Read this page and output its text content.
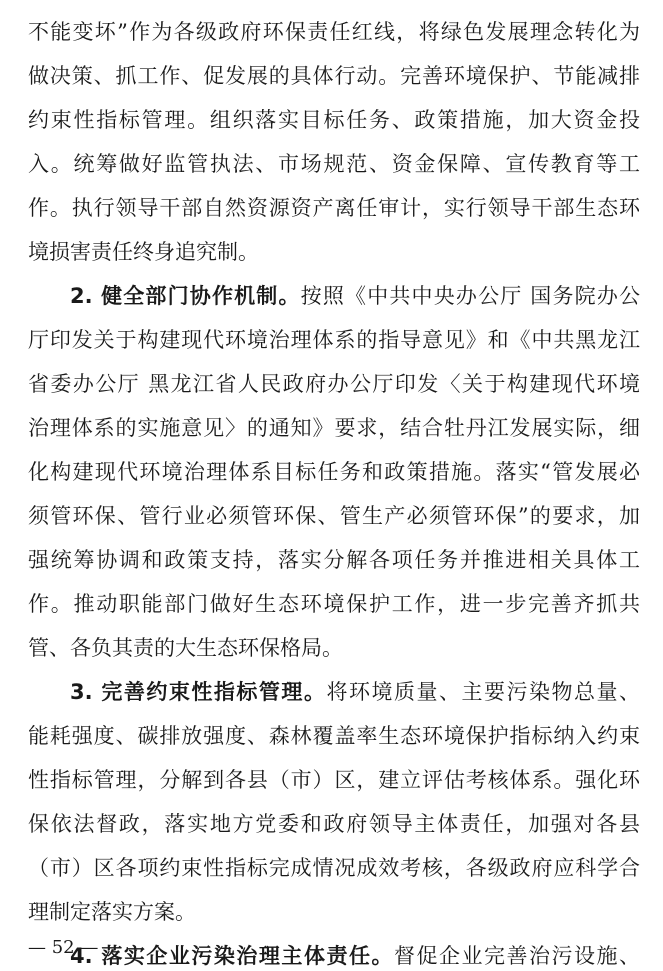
不能变坏”作为各级政府环保责任红线，将绿色发展理念转化为
做决策、抓工作、促发展的具体行动。完善环境保护、节能减排
约束性指标管理。组织落实目标任务、政策措施，加大资金投
入。统筹做好监管执法、市场规范、资金保障、宣传教育等工
作。执行领导干部自然资源资产离任审计，实行领导干部生态环
境损害责任终身追究制。
2. 健全部门协作机制。按照《中共中央办公厅 国务院办公
厅印发关于构建现代环境治理体系的指导意见》和《中共黑龙江
省委办公厅 黑龙江省人民政府办公厅印发〈关于构建现代环境
治理体系的实施意见〉的通知》要求，结合牡丹江发展实际，细
化构建现代环境治理体系目标任务和政策措施。落实“管发展必
须管环保、管行业必须管环保、管生产必须管环保”的要求，加
强统筹协调和政策支持，落实分解各项任务并推进相关具体工
作。推动职能部门做好生态环境保护工作，进一步完善齐抓共
管、各负其责的大生态环保格局。
3. 完善约束性指标管理。将环境质量、主要污染物总量、
能耗强度、碳排放强度、森林覆盖率生态环境保护指标纳入约束
性指标管理，分解到各县（市）区，建立评估考核体系。强化环
保依法督政，落实地方党委和政府领导主体责任，加强对各县
（市）区各项约束性指标完成情况成效考核，各级政府应科学合
理制定落实方案。
4. 落实企业污染治理主体责任。督促企业完善治污设施、
— 52 —
